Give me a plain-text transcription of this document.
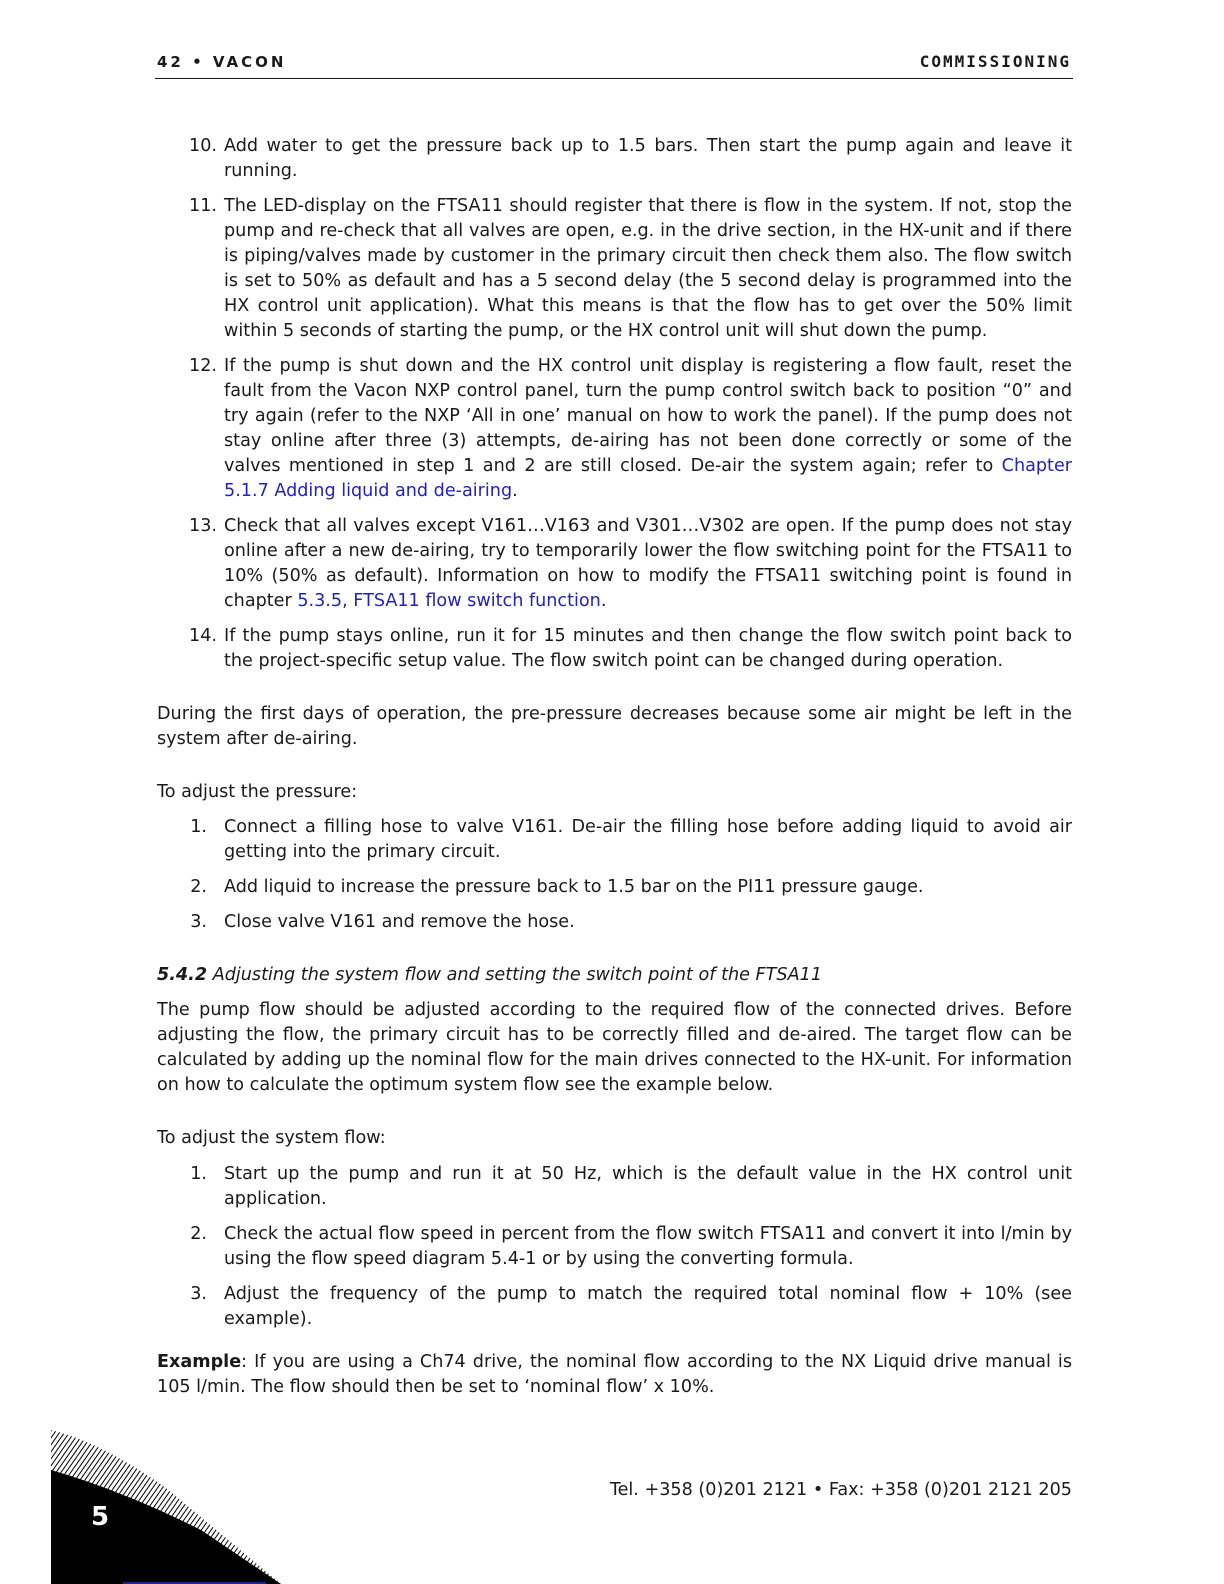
42 • VACON	COMMISSIONING
10. Add water to get the pressure back up to 1.5 bars. Then start the pump again and leave it running.
11. The LED-display on the FTSA11 should register that there is flow in the system. If not, stop the pump and re-check that all valves are open, e.g. in the drive section, in the HX-unit and if there is piping/valves made by customer in the primary circuit then check them also. The flow switch is set to 50% as default and has a 5 second delay (the 5 second delay is programmed into the HX control unit application). What this means is that the flow has to get over the 50% limit within 5 seconds of starting the pump, or the HX control unit will shut down the pump.
12. If the pump is shut down and the HX control unit display is registering a flow fault, reset the fault from the Vacon NXP control panel, turn the pump control switch back to position “0” and try again (refer to the NXP ‘All in one’ manual on how to work the panel). If the pump does not stay online after three (3) attempts, de-airing has not been done correctly or some of the valves mentioned in step 1 and 2 are still closed. De-air the system again; refer to Chapter 5.1.7 Adding liquid and de-airing.
13. Check that all valves except V161…V163 and V301…V302 are open. If the pump does not stay online after a new de-airing, try to temporarily lower the flow switching point for the FTSA11 to 10% (50% as default). Information on how to modify the FTSA11 switching point is found in chapter 5.3.5, FTSA11 flow switch function.
14. If the pump stays online, run it for 15 minutes and then change the flow switch point back to the project-specific setup value. The flow switch point can be changed during operation.

During the first days of operation, the pre-pressure decreases because some air might be left in the system after de-airing.

To adjust the pressure:

1. Connect a filling hose to valve V161. De-air the filling hose before adding liquid to avoid air getting into the primary circuit.
2. Add liquid to increase the pressure back to 1.5 bar on the PI11 pressure gauge.
3. Close valve V161 and remove the hose.
5.4.2 Adjusting the system flow and setting the switch point of the FTSA11

The pump flow should be adjusted according to the required flow of the connected drives. Before adjusting the flow, the primary circuit has to be correctly filled and de-aired. The target flow can be calculated by adding up the nominal flow for the main drives connected to the HX-unit. For information on how to calculate the optimum system flow see the example below.

To adjust the system flow:

1. Start up the pump and run it at 50 Hz, which is the default value in the HX control unit application.
2. Check the actual flow speed in percent from the flow switch FTSA11 and convert it into l/min by using the flow speed diagram 5.4-1 or by using the converting formula.
3. Adjust the frequency of the pump to match the required total nominal flow + 10% (see example).

Example: If you are using a Ch74 drive, the nominal flow according to the NX Liquid drive manual is 105 l/min. The flow should then be set to ‘nominal flow’ x 10%.

Tel. +358 (0)201 2121 • Fax: +358 (0)201 2121 205
5
